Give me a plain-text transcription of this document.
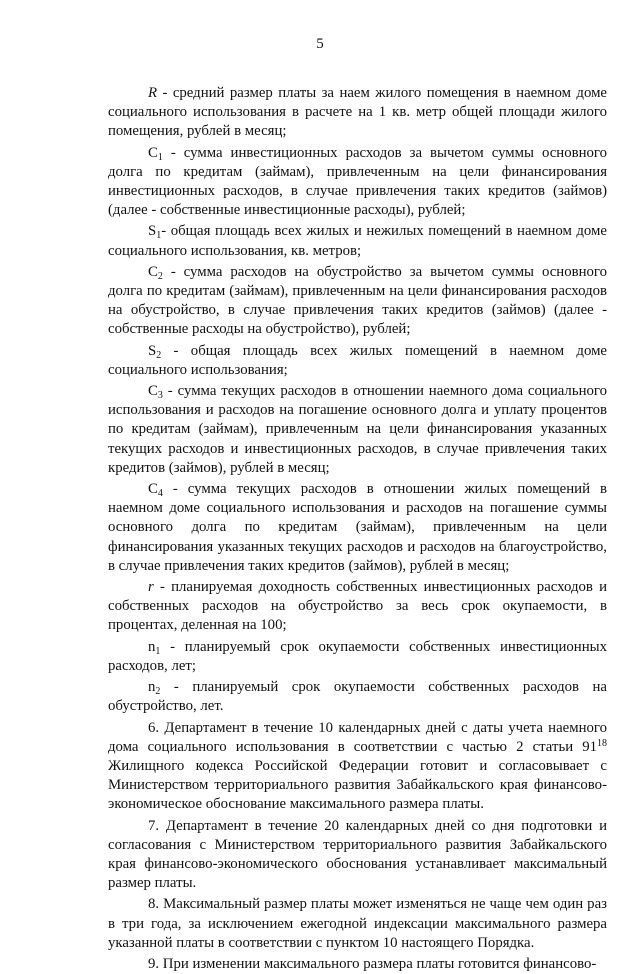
5

R - средний размер платы за наем жилого помещения в наемном доме социального использования в расчете на 1 кв. метр общей площади жилого помещения, рублей в месяц;

$С_1$ - сумма инвестиционных расходов за вычетом суммы основного долга по кредитам (займам), привлеченным на цели финансирования инвестиционных расходов, в случае привлечения таких кредитов (займов) (далее - собственные инвестиционные расходы), рублей;

$S_1-$ общая площадь всех жилых и нежилых помещений в наемном доме социального использования, кв. метров;

$С_2$ - сумма расходов на обустройство за вычетом суммы основного долга по кредитам (займам), привлеченным на цели финансирования расходов на обустройство, в случае привлечения таких кредитов (займов) (далее - собственные расходы на обустройство), рублей;

$S_2$ - общая площадь всех жилых помещений в наемном доме социального использования;

$С_3$ - сумма текущих расходов в отношении наемного дома социального использования и расходов на погашение основного долга и уплату процентов по кредитам (займам), привлеченным на цели финансирования указанных текущих расходов и инвестиционных расходов, в случае привлечения таких кредитов (займов), рублей в месяц;

$С_4$ - сумма текущих расходов в отношении жилых помещений в наемном доме социального использования и расходов на погашение суммы основного долга по кредитам (займам), привлеченным на цели финансирования указанных текущих расходов и расходов на благоустройство, в случае привлечения таких кредитов (займов), рублей в месяц;

r - планируемая доходность собственных инвестиционных расходов и собственных расходов на обустройство за весь срок окупаемости, в процентах, деленная на 100;

$n_1$ - планируемый срок окупаемости собственных инвестиционных расходов, лет;

$n_2$ - планируемый срок окупаемости собственных расходов на обустройство, лет.

6. Департамент в течение 10 календарных дней с даты учета наемного дома социального использования в соответствии с частью 2 статьи $91^{18}$ Жилищного кодекса Российской Федерации готовит и согласовывает с Министерством территориального развития Забайкальского края финансово-экономическое обоснование максимального размера платы.

7. Департамент в течение 20 календарных дней со дня подготовки и согласования с Министерством территориального развития Забайкальского края финансово-экономического обоснования устанавливает максимальный размер платы.

8. Максимальный размер платы может изменяться не чаще чем один раз в три года, за исключением ежегодной индексации максимального размера указанной платы в соответствии с пунктом 10 настоящего Порядка.

9. При изменении максимального размера платы готовится финансово-
